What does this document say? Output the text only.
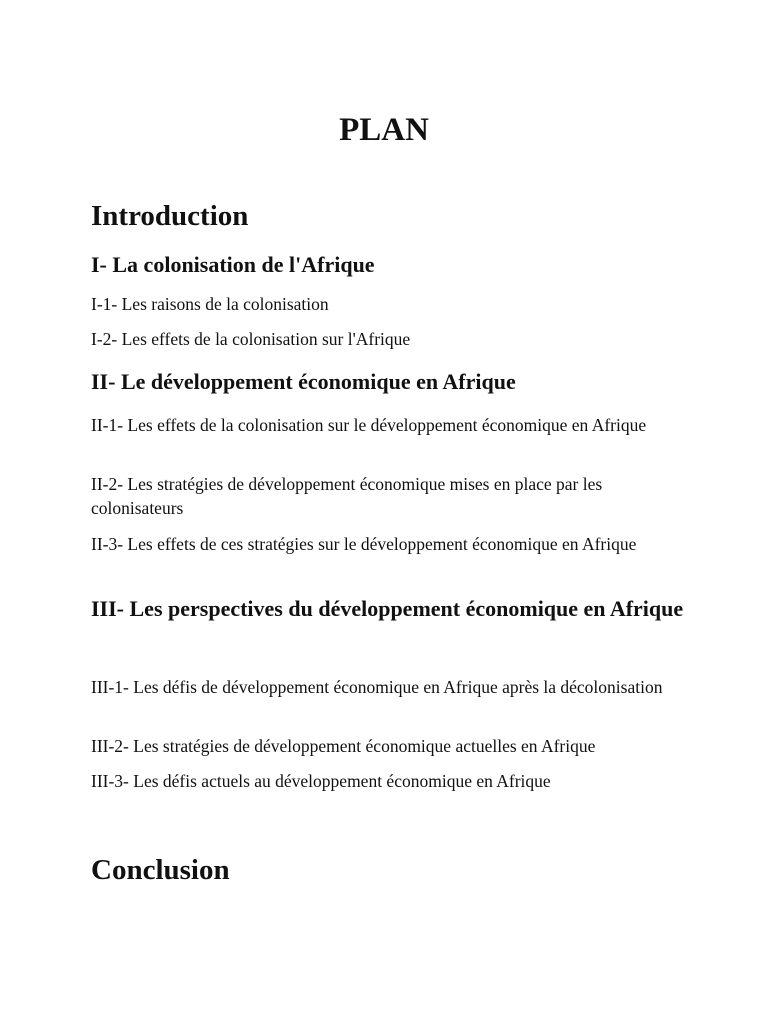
PLAN
Introduction
I- La colonisation de l'Afrique

I-1- Les raisons de la colonisation

I-2- Les effets de la colonisation sur l'Afrique

II- Le développement économique en Afrique

II-1- Les effets de la colonisation sur le développement économique en Afrique

II-2- Les stratégies de développement économique mises en place par les colonisateurs

II-3- Les effets de ces stratégies sur le développement économique en Afrique

III- Les perspectives du développement économique en Afrique

III-1- Les défis de développement économique en Afrique après la décolonisation

III-2- Les stratégies de développement économique actuelles en Afrique

III-3- Les défis actuels au développement économique en Afrique

Conclusion
